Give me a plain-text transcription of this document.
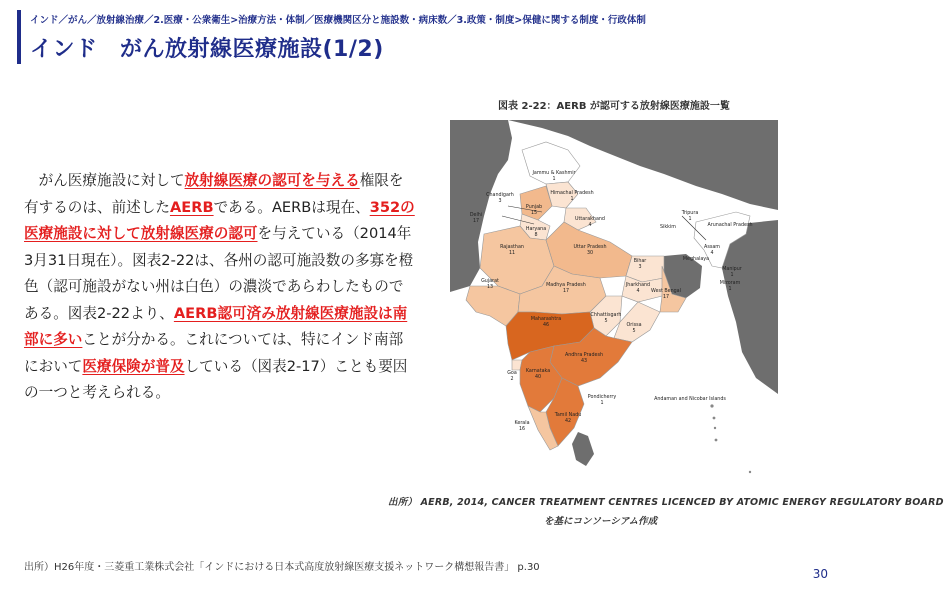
インド／がん／放射線治療／2.医療・公衆衛生>治療方法・体制／医療機関区分と施設数・病床数／3.政策・制度>保健に関する制度・行政体制
インド　がん放射線医療施設(1/2)

　がん医療施設に対して放射線医療の認可を与える権限を有するのは、前述したAERBである。AERBは現在、352の医療施設に対して放射線医療の認可を与えている（2014年3月31日現在）。図表2-22は、各州の認可施設数の多寡を橙色（認可施設がない州は白色）の濃淡であらわしたものである。図表2-22より、AERB認可済み放射線医療施設は南部に多いことが分かる。これについては、特にインド南部において医療保険が普及している（図表2-17）ことも要因の一つと考えられる。

図表 2-22：AERB が認可する放射線医療施設一覧
Jammu & Kashmir
1
Himachal Pradesh
1
Chandigarh
3
Punjab
15
Uttarakhand
4
Delhi
17
Haryana
8
Rajasthan
11
Uttar Pradesh
30
Bihar
3
Sikkim
Tripura
1
Arunachal Pradesh
Assam
4
Meghalaya
Manipur
1
Mizoram
1
Gujarat
13	Madhya Pradesh
17
Jharkhand
4 West Bengal
17
Chhattisgarh
5
Orissa
5
Maharashtra
46
Andhra Pradesh
43
Goa
2
Karnataka
40
Pondicherry
1
Tamil Nadu
42
Kerala
16
Andaman and Nicobar Islands
出所） AERB, 2014, CANCER TREATMENT CENTRES LICENCED BY ATOMIC ENERGY REGULATORY BOARD
を基にコンソーシアム作成
出所）H26年度・三菱重工業株式会社「インドにおける日本式高度放射線医療支援ネットワーク構想報告書」 p.30	30
